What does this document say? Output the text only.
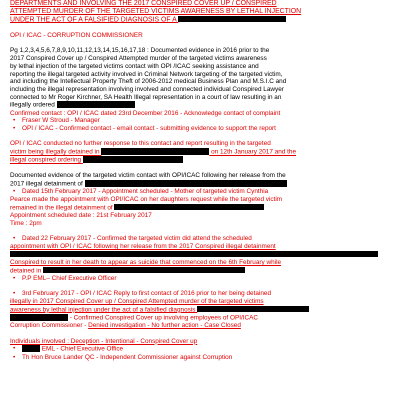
DEPARTMENTS AND INVOLVING THE 2017 CONSPIRED COVER UP / CONSPIRED
ATTEMPTED MURDER OF THE TARGETED VICTIMS AWARENESS BY LETHAL INJECTION
UNDER THE ACT OF A FALSIFIED DIAGNOSIS OF A
OPI / ICAC - CORRUPTION COMMISSIONER
Pg 1,2,3,4,5,6,7,8,9,10,11,12,13,14,15,16,17,18 : Documented evidence in 2016 prior to the
2017 Conspired Cover up / Conspired Attempted murder of the targeted victims awareness
by lethal injection of the targeted victims contact with OPI /ICAC seeking assistance and
reporting the illegal targeted activity involved in Criminal Network targeting of the targeted victim,
and including the Intellectual Property Theft of 2006-2012 medical Business Plan and M.S.I.C and
including the illegal representation involving involved and connected individual Conspired Lawyer
connected to Mr Roger Kirchner, SA Health Illegal representation in a court of law resulting in an
illegally ordered
Confirmed contact : OPI / ICAC dated 23rd December 2016 - Acknowledge contact of complaint
• Fraser W Stroud - Manager
• OPI / ICAC - Confirmed contact - email contact - submitting evidence to support the report
OPI / ICAC conducted no further response to this contact and report resulting in the targeted
victim being illegally detained in	on 12th January 2017 and the
illegal conspired ordering
Documented evidence of the targeted victim contact with OPI/ICAC following her release from the
2017 illegal detainment of
• Dated 15th February 2017 - Appointment scheduled - Mother of targeted victim Cynthia
Pearce made the appointment with OPI/ICAC on her daughters request while the targeted victim
remained in the illegal detainment of
Appointment scheduled date : 21st February 2017
Time : 2pm
• Dated 22 February 2017 - Confirmed the targeted victim did attend the scheduled
appointment with OPI / ICAC following her release from the 2017 Conspired illegal detainment
Conspired to result in her death to appear as suicide that commenced on the 6th February while
detained in
• P.P EML– Chief Executive Officer
• 3rd February 2017 - OPI / ICAC Reply to first contact of 2016 prior to her being detained
illegally in 2017 Conspired Cover up / Conspired Attempted murder of the targeted victims
awareness by lethal injection under the act of a falsified diagnosis
- Confirmed Conspired Cover up involving employees of OPI/ICAC
Corruption Commissioner - Denied investigation - No further action - Case Closed
Individuals involved : Deception - Intentional - Conspired Cover up
• EML - Chief Executive Office
• Th Hon Bruce Lander QC - Independent Commissioner against Corruption
